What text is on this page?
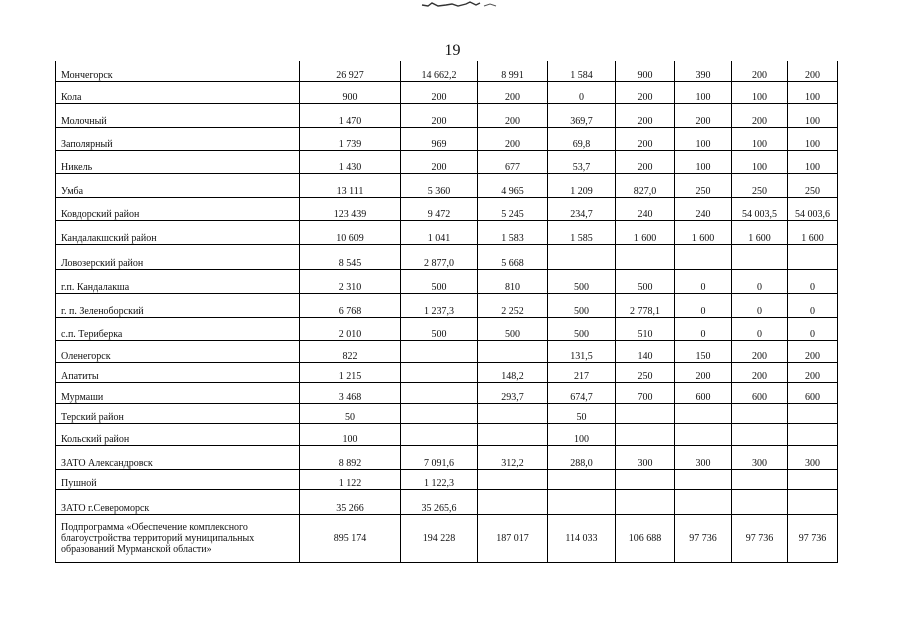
19
Мончегорск	26 927	14 662,2	8 991	1 584	900	390	200	200
Кола	900	200	200	0	200	100	100	100
Молочный	1 470	200	200	369,7	200	200	200	100
Заполярный	1 739	969	200	69,8	200	100	100	100
Никель	1 430	200	677	53,7	200	100	100	100
Умба	13 111	5 360	4 965	1 209	827,0	250	250	250
Ковдорский район	123 439	9 472	5 245	234,7	240	240	54 003,5	54 003,6
Кандалакшский район	10 609	1 041	1 583	1 585	1 600	1 600	1 600	1 600
Ловозерский район	8 545	2 877,0	5 668					
г.п. Кандалакша	2 310	500	810	500	500	0	0	0
г. п. Зеленоборский	6 768	1 237,3	2 252	500	2 778,1	0	0	0
с.п. Териберка	2 010	500	500	500	510	0	0	0
Оленегорск	822			131,5	140	150	200	200
Апатиты	1 215		148,2	217	250	200	200	200
Мурмаши	3 468		293,7	674,7	700	600	600	600
Терский район	50			50				
Кольский район	100			100				
ЗАТО Александровск	8 892	7 091,6	312,2	288,0	300	300	300	300
Пушной	1 122	1 122,3						
ЗАТО г.Североморск	35 266	35 265,6						
Подпрограмма «Обеспечение комплексного благоустройства территорий муниципальных образований Мурманской области»	895 174	194 228	187 017	114 033	106 688	97 736	97 736	97 736
